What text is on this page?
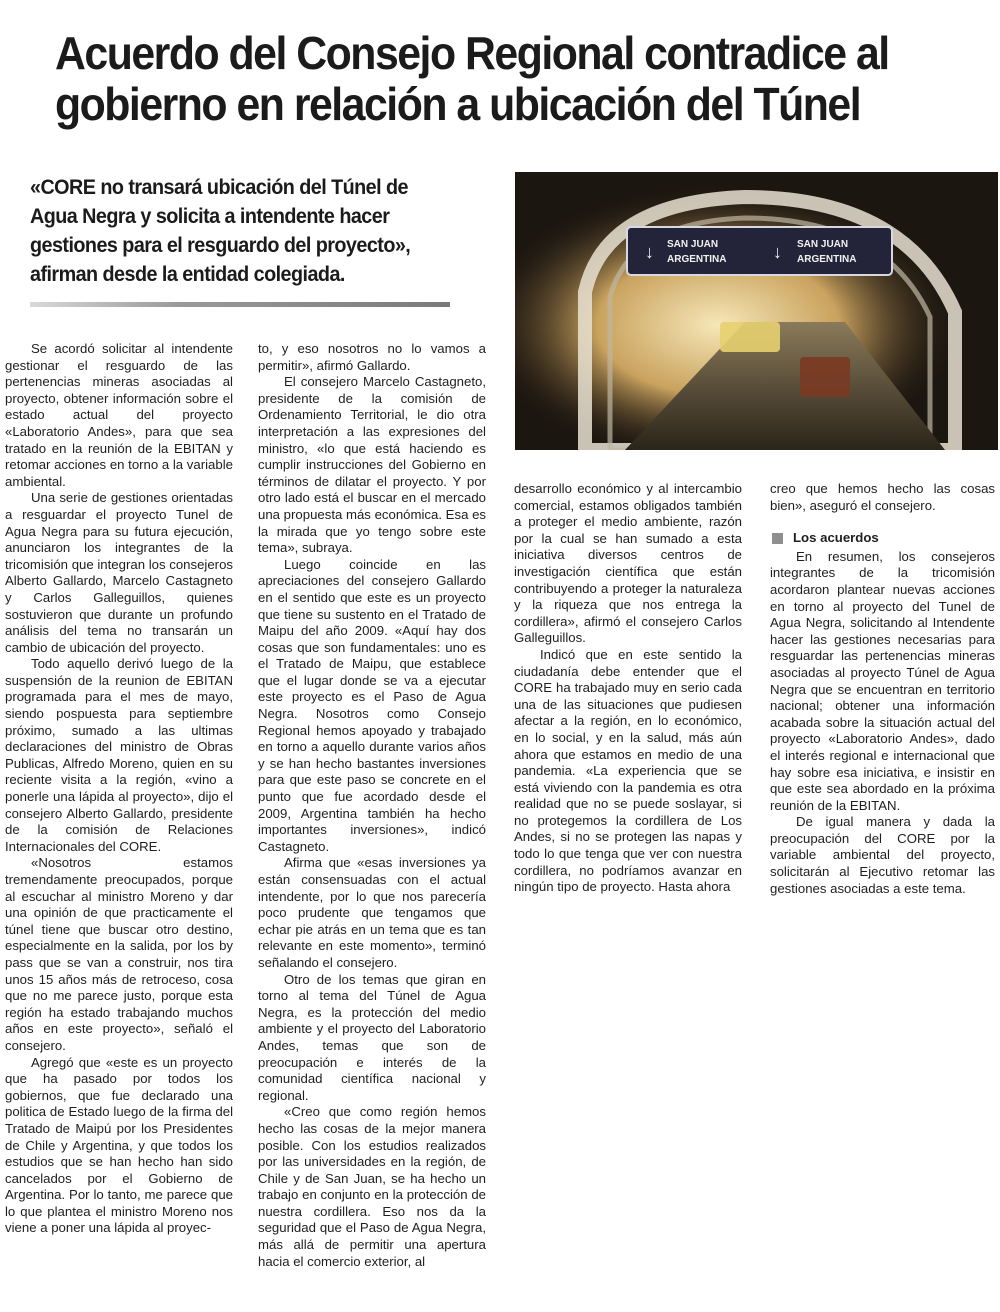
Acuerdo del Consejo Regional contradice al
gobierno en relación a ubicación del Túnel
«CORE no transará ubicación del Túnel de
Agua Negra y solicita a intendente hacer
gestiones para el resguardo del proyecto»,
afirman desde la entidad colegiada.
↓ SAN JUAN
ARGENTINA	↓ SAN JUAN
ARGENTINA

Se acordó solicitar al intendente gestionar el resguardo de las pertenencias mineras asociadas al proyecto, obtener información sobre el estado actual del proyecto «Laboratorio Andes», para que sea tratado en la reunión de la EBITAN y retomar acciones en torno a la variable ambiental.

Una serie de gestiones orientadas a resguardar el proyecto Tunel de Agua Negra para su futura ejecución, anunciaron los integrantes de la tricomisión que integran los consejeros Alberto Gallardo, Marcelo Castagneto y Carlos Galleguillos, quienes sostuvieron que durante un profundo análisis del tema no transarán un cambio de ubicación del proyecto.

Todo aquello derivó luego de la suspensión de la reunion de EBITAN programada para el mes de mayo, siendo pospuesta para septiembre próximo, sumado a las ultimas declaraciones del ministro de Obras Publicas, Alfredo Moreno, quien en su reciente visita a la región, «vino a ponerle una lápida al proyecto», dijo el consejero Alberto Gallardo, presidente de la comisión de Relaciones Internacionales del CORE.

«Nosotros estamos tremendamente preocupados, porque al escuchar al ministro Moreno y dar una opinión de que practicamente el túnel tiene que buscar otro destino, especialmente en la salida, por los by pass que se van a construir, nos tira unos 15 años más de retroceso, cosa que no me parece justo, porque esta región ha estado trabajando muchos años en este proyecto», señaló el consejero.

Agregó que «este es un proyecto que ha pasado por todos los gobiernos, que fue declarado una politica de Estado luego de la firma del Tratado de Maipú por los Presidentes de Chile y Argentina, y que todos los estudios que se han hecho han sido cancelados por el Gobierno de Argentina. Por lo tanto, me parece que lo que plantea el ministro Moreno nos viene a poner una lápida al proyec-

to, y eso nosotros no lo vamos a permitir», afirmó Gallardo.

El consejero Marcelo Castagneto, presidente de la comisión de Ordenamiento Territorial, le dio otra interpretación a las expresiones del ministro, «lo que está haciendo es cumplir instrucciones del Gobierno en términos de dilatar el proyecto. Y por otro lado está el buscar en el mercado una propuesta más económica. Esa es la mirada que yo tengo sobre este tema», subraya.

Luego coincide en las apreciaciones del consejero Gallardo en el sentido que este es un proyecto que tiene su sustento en el Tratado de Maipu del año 2009. «Aquí hay dos cosas que son fundamentales: uno es el Tratado de Maipu, que establece que el lugar donde se va a ejecutar este proyecto es el Paso de Agua Negra. Nosotros como Consejo Regional hemos apoyado y trabajado en torno a aquello durante varios años y se han hecho bastantes inversiones para que este paso se concrete en el punto que fue acordado desde el 2009, Argentina también ha hecho importantes inversiones», indicó Castagneto.

Afirma que «esas inversiones ya están consensuadas con el actual intendente, por lo que nos parecería poco prudente que tengamos que echar pie atrás en un tema que es tan relevante en este momento», terminó señalando el consejero.

Otro de los temas que giran en torno al tema del Túnel de Agua Negra, es la protección del medio ambiente y el proyecto del Laboratorio Andes, temas que son de preocupación e interés de la comunidad científica nacional y regional.

«Creo que como región hemos hecho las cosas de la mejor manera posible. Con los estudios realizados por las universidades en la región, de Chile y de San Juan, se ha hecho un trabajo en conjunto en la protección de nuestra cordillera. Eso nos da la seguridad que el Paso de Agua Negra, más allá de permitir una apertura hacia el comercio exterior, al

desarrollo económico y al intercambio comercial, estamos obligados también a proteger el medio ambiente, razón por la cual se han sumado a esta iniciativa diversos centros de investigación científica que están contribuyendo a proteger la naturaleza y la riqueza que nos entrega la cordillera», afirmó el consejero Carlos Galleguillos.

Indicó que en este sentido la ciudadanía debe entender que el CORE ha trabajado muy en serio cada una de las situaciones que pudiesen afectar a la región, en lo económico, en lo social, y en la salud, más aún ahora que estamos en medio de una pandemia. «La experiencia que se está viviendo con la pandemia es otra realidad que no se puede soslayar, si no protegemos la cordillera de Los Andes, si no se protegen las napas y todo lo que tenga que ver con nuestra cordillera, no podríamos avanzar en ningún tipo de proyecto. Hasta ahora

creo que hemos hecho las cosas bien», aseguró el consejero.

Los acuerdos

En resumen, los consejeros integrantes de la tricomisión acordaron plantear nuevas acciones en torno al proyecto del Tunel de Agua Negra, solicitando al Intendente hacer las gestiones necesarias para resguardar las pertenencias mineras asociadas al proyecto Túnel de Agua Negra que se encuentran en territorio nacional; obtener una información acabada sobre la situación actual del proyecto «Laboratorio Andes», dado el interés regional e internacional que hay sobre esa iniciativa, e insistir en que este sea abordado en la próxima reunión de la EBITAN.

De igual manera y dada la preocupación del CORE por la variable ambiental del proyecto, solicitarán al Ejecutivo retomar las gestiones asociadas a este tema.
